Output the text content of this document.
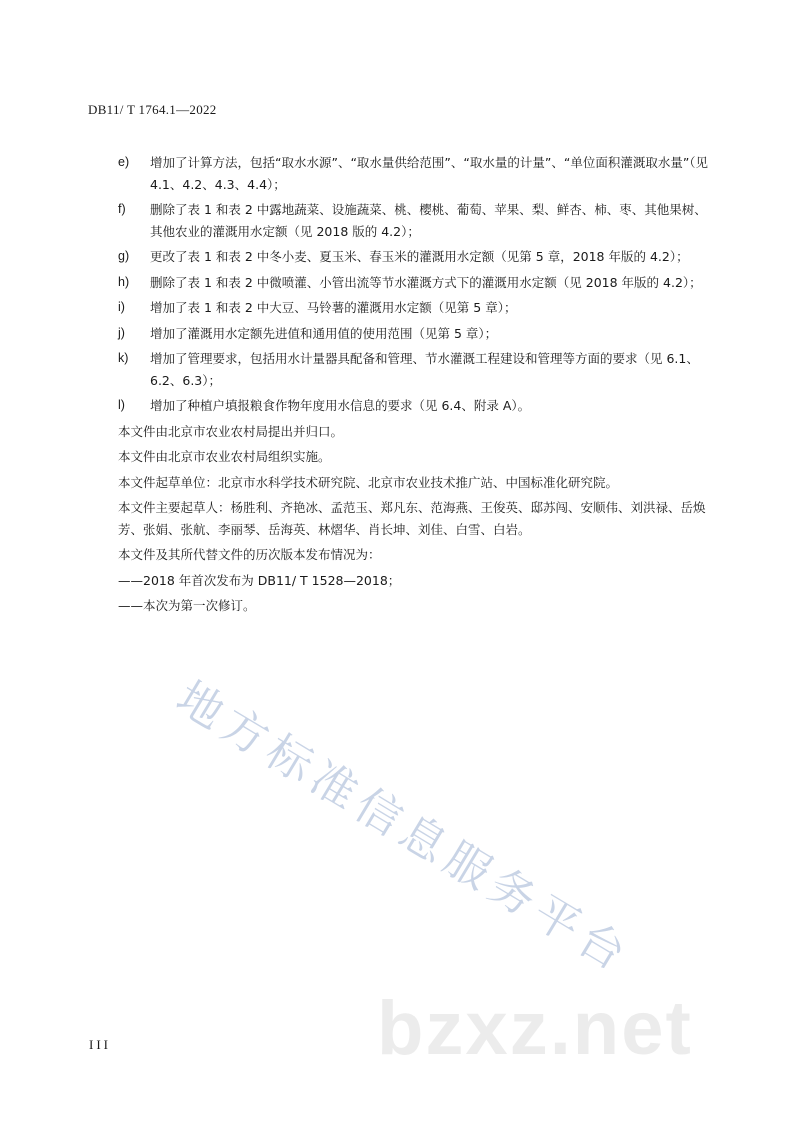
DB11/ T 1764.1—2022
e) 增加了计算方法，包括“取水水源”、“取水量供给范围”、“取水量的计量”、“单位面积灌溉取水量”（见 4.1、4.2、4.3、4.4）；
f) 删除了表 1 和表 2 中露地蔬菜、设施蔬菜、桃、樱桃、葡萄、苹果、梨、鲜杏、柿、枣、其他果树、其他农业的灌溉用水定额（见 2018 版的 4.2）；
g) 更改了表 1 和表 2 中冬小麦、夏玉米、春玉米的灌溉用水定额（见第 5 章，2018 年版的 4.2）；
h) 删除了表 1 和表 2 中微喷灌、小管出流等节水灌溉方式下的灌溉用水定额（见 2018 年版的 4.2）；
i) 增加了表 1 和表 2 中大豆、马铃薯的灌溉用水定额（见第 5 章）；
j) 增加了灌溉用水定额先进值和通用值的使用范围（见第 5 章）；
k) 增加了管理要求，包括用水计量器具配备和管理、节水灌溉工程建设和管理等方面的要求（见 6.1、6.2、6.3）；
l) 增加了种植户填报粮食作物年度用水信息的要求（见 6.4、附录 A）。
本文件由北京市农业农村局提出并归口。
本文件由北京市农业农村局组织实施。
本文件起草单位：北京市水科学技术研究院、北京市农业技术推广站、中国标准化研究院。
本文件主要起草人：杨胜利、齐艳冰、孟范玉、郑凡东、范海燕、王俊英、邸苏闯、安顺伟、刘洪禄、岳焕芳、张娟、张航、李丽琴、岳海英、林熠华、肖长坤、刘佳、白雪、白岩。
本文件及其所代替文件的历次版本发布情况为：
——2018 年首次发布为 DB11/ T 1528—2018；
——本次为第一次修订。
地方标准信息服务平台
bzxz.net
III
